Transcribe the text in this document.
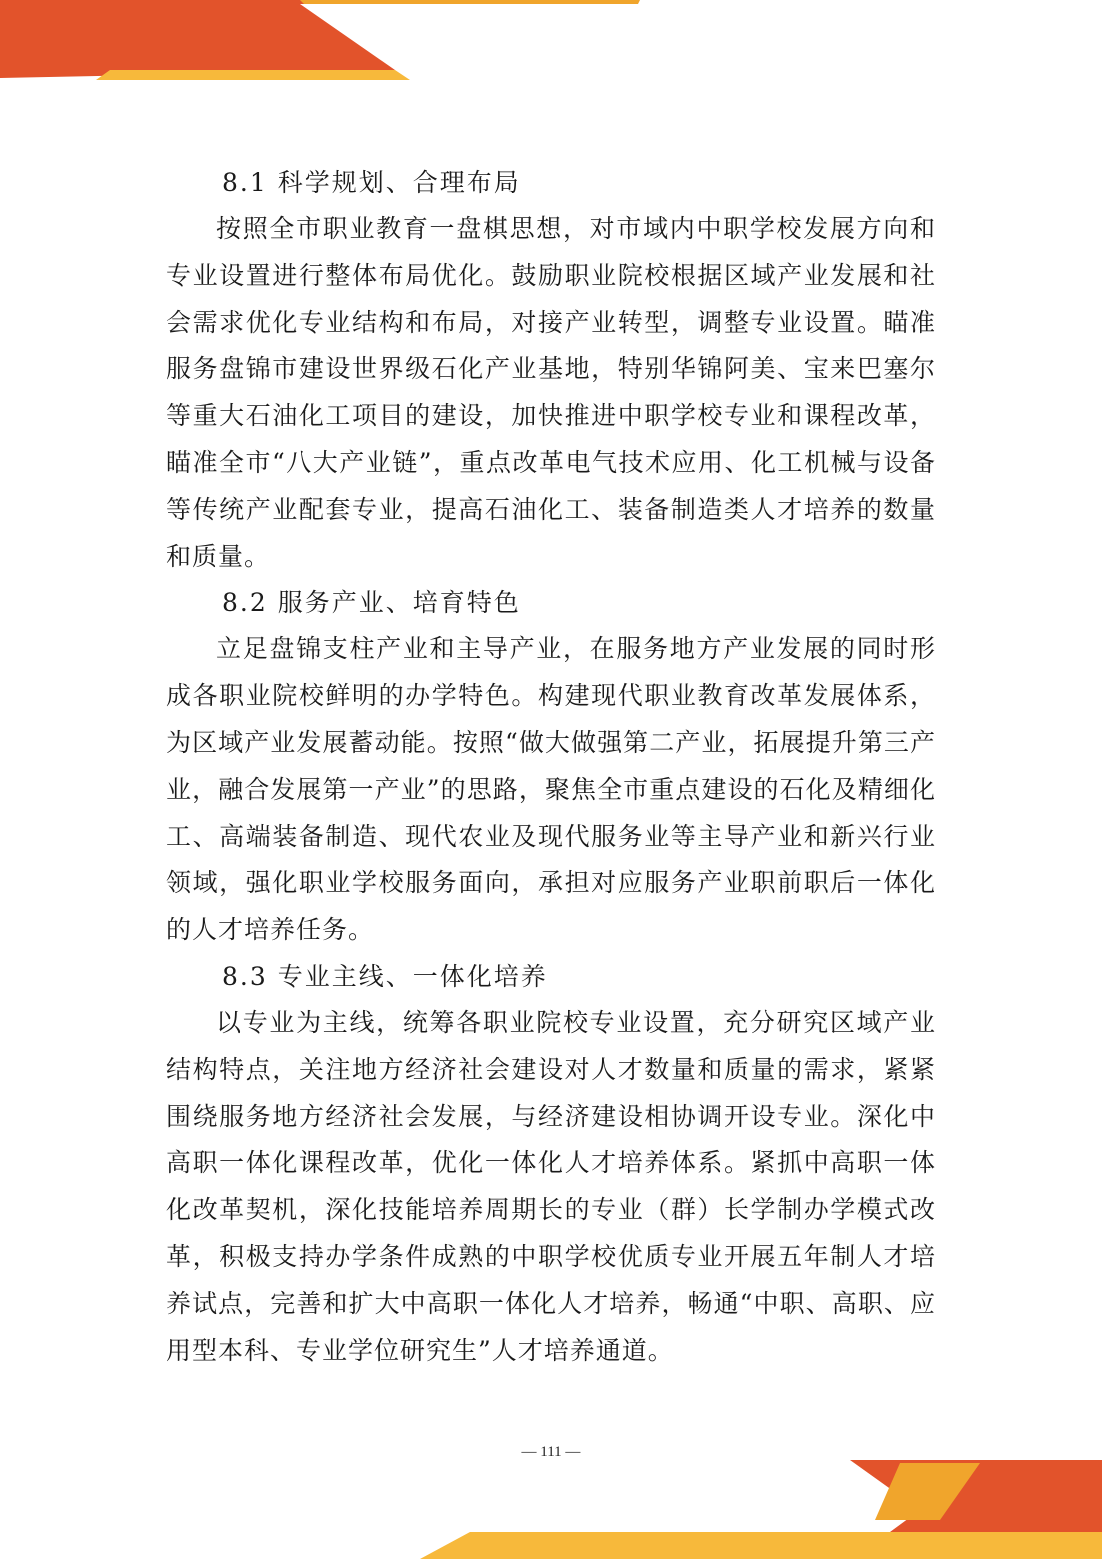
8.1 科学规划、合理布局

按照全市职业教育一盘棋思想，对市域内中职学校发展方向和专业设置进行整体布局优化。鼓励职业院校根据区域产业发展和社会需求优化专业结构和布局，对接产业转型，调整专业设置。瞄准服务盘锦市建设世界级石化产业基地，特别华锦阿美、宝来巴塞尔等重大石油化工项目的建设，加快推进中职学校专业和课程改革，瞄准全市“八大产业链”，重点改革电气技术应用、化工机械与设备等传统产业配套专业，提高石油化工、装备制造类人才培养的数量和质量。

8.2 服务产业、培育特色

立足盘锦支柱产业和主导产业，在服务地方产业发展的同时形成各职业院校鲜明的办学特色。构建现代职业教育改革发展体系，为区域产业发展蓄动能。按照“做大做强第二产业，拓展提升第三产业，融合发展第一产业”的思路，聚焦全市重点建设的石化及精细化工、高端装备制造、现代农业及现代服务业等主导产业和新兴行业领域，强化职业学校服务面向，承担对应服务产业职前职后一体化的人才培养任务。

8.3 专业主线、一体化培养

以专业为主线，统筹各职业院校专业设置，充分研究区域产业结构特点，关注地方经济社会建设对人才数量和质量的需求，紧紧围绕服务地方经济社会发展，与经济建设相协调开设专业。深化中高职一体化课程改革，优化一体化人才培养体系。紧抓中高职一体化改革契机，深化技能培养周期长的专业（群）长学制办学模式改革，积极支持办学条件成熟的中职学校优质专业开展五年制人才培养试点，完善和扩大中高职一体化人才培养，畅通“中职、高职、应用型本科、专业学位研究生”人才培养通道。

— 111 —
